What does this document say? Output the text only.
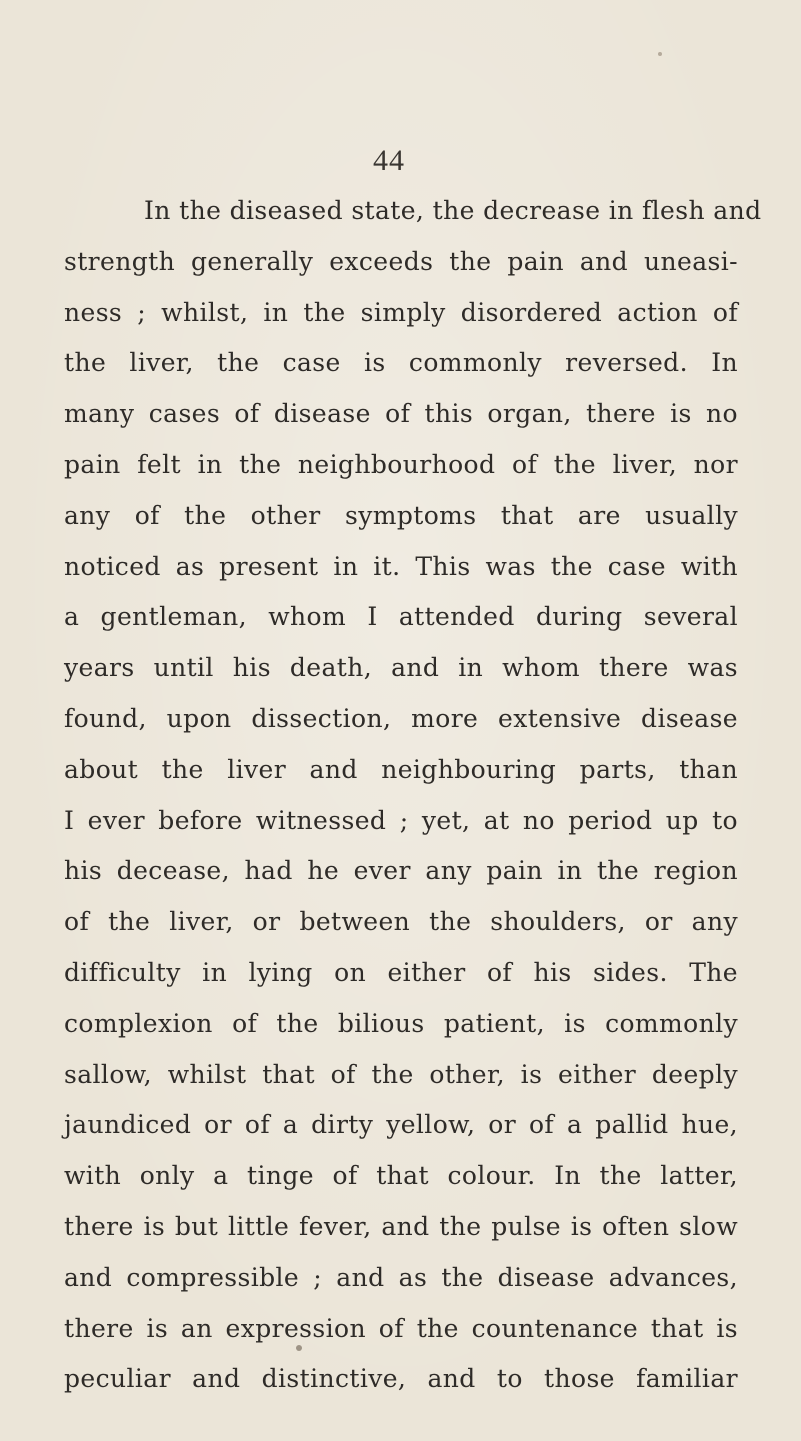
44
In the diseased state, the decrease in flesh and
strength generally exceeds the pain and uneasi-
ness ; whilst, in the simply disordered action of
the liver, the case is commonly reversed. In
many cases of disease of this organ, there is no
pain felt in the neighbourhood of the liver, nor
any of the other symptoms that are usually
noticed as present in it. This was the case with
a gentleman, whom I attended during several
years until his death, and in whom there was
found, upon dissection, more extensive disease
about the liver and neighbouring parts, than
I ever before witnessed ; yet, at no period up to
his decease, had he ever any pain in the region
of the liver, or between the shoulders, or any
difficulty in lying on either of his sides. The
complexion of the bilious patient, is commonly
sallow, whilst that of the other, is either deeply
jaundiced or of a dirty yellow, or of a pallid hue,
with only a tinge of that colour. In the latter,
there is but little fever, and the pulse is often slow
and compressible ; and as the disease advances,
there is an expression of the countenance that is
peculiar and distinctive, and to those familiar
